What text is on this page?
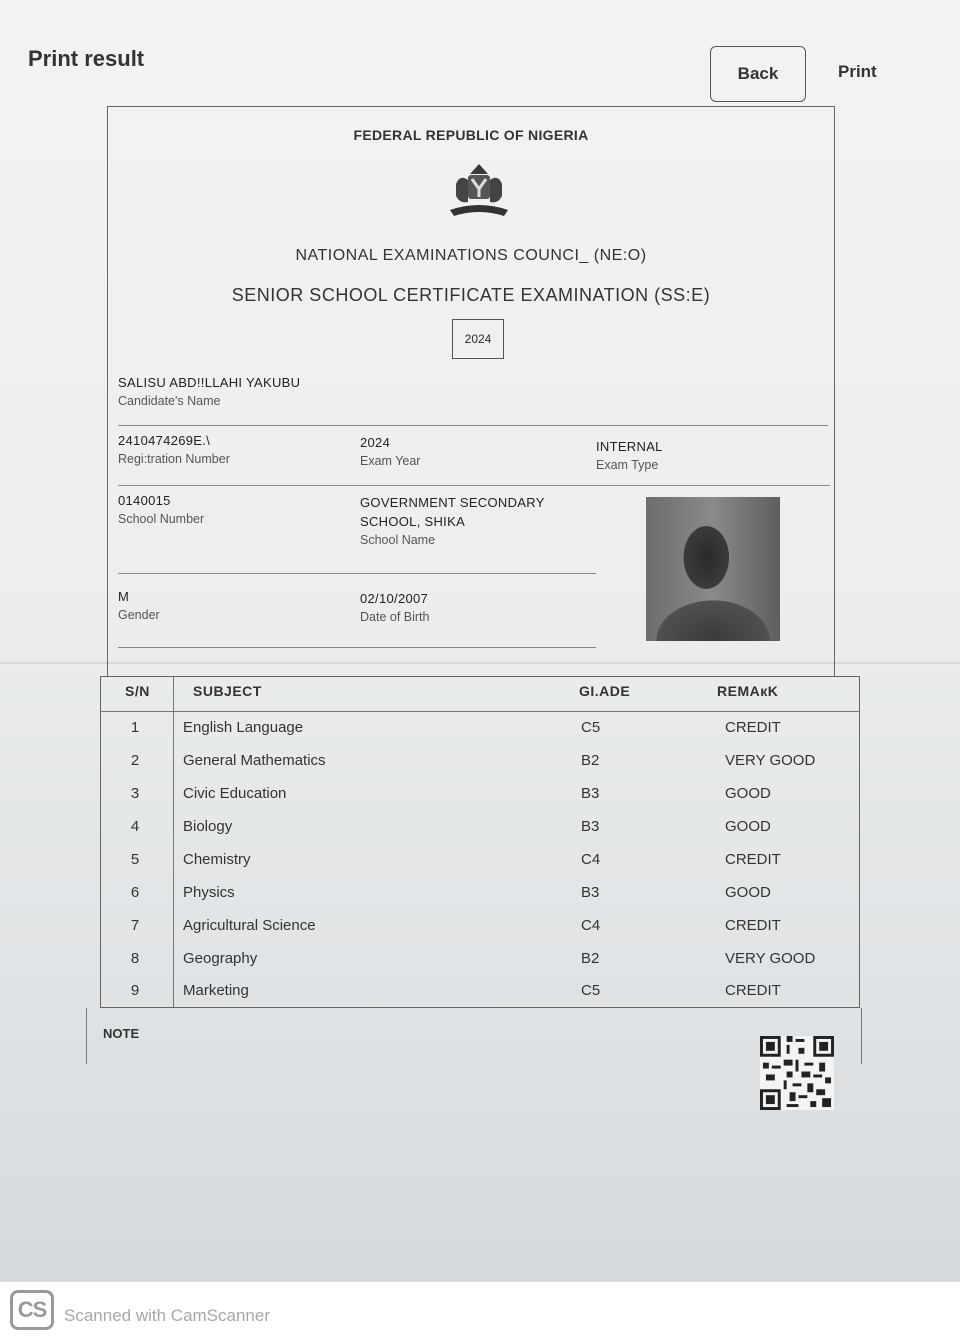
Print result
Back	Print
FEDERAL REPUBLIC OF NIGERIA
NATIONAL EXAMINATIONS COUNCI_ (NE:O)
SENIOR SCHOOL CERTIFICATE EXAMINATION (SS:E)
2024
SALISU ABD!!LLAHI YAKUBU
Candidate's Name
2410474269E.\
Regi:tration Number
2024
Exam Year
INTERNAL
Exam Type
0140015
School Number
GOVERNMENT SECONDARY
SCHOOL, SHIKA
School Name
M
Gender
02/10/2007
Date of Birth
S/N	SUBJECT	GI.ADE	REMAкK
1	English Language	C5	CREDIT
2	General Mathematics	B2	VERY GOOD
3	Civic Education	B3	GOOD
4	Biology	B3	GOOD
5	Chemistry	C4	CREDIT
6	Physics	B3	GOOD
7	Agricultural Science	C4	CREDIT
8	Geography	B2	VERY GOOD
9	Marketing	C5	CREDIT
NOTE
CS	Scanned with CamScanner
